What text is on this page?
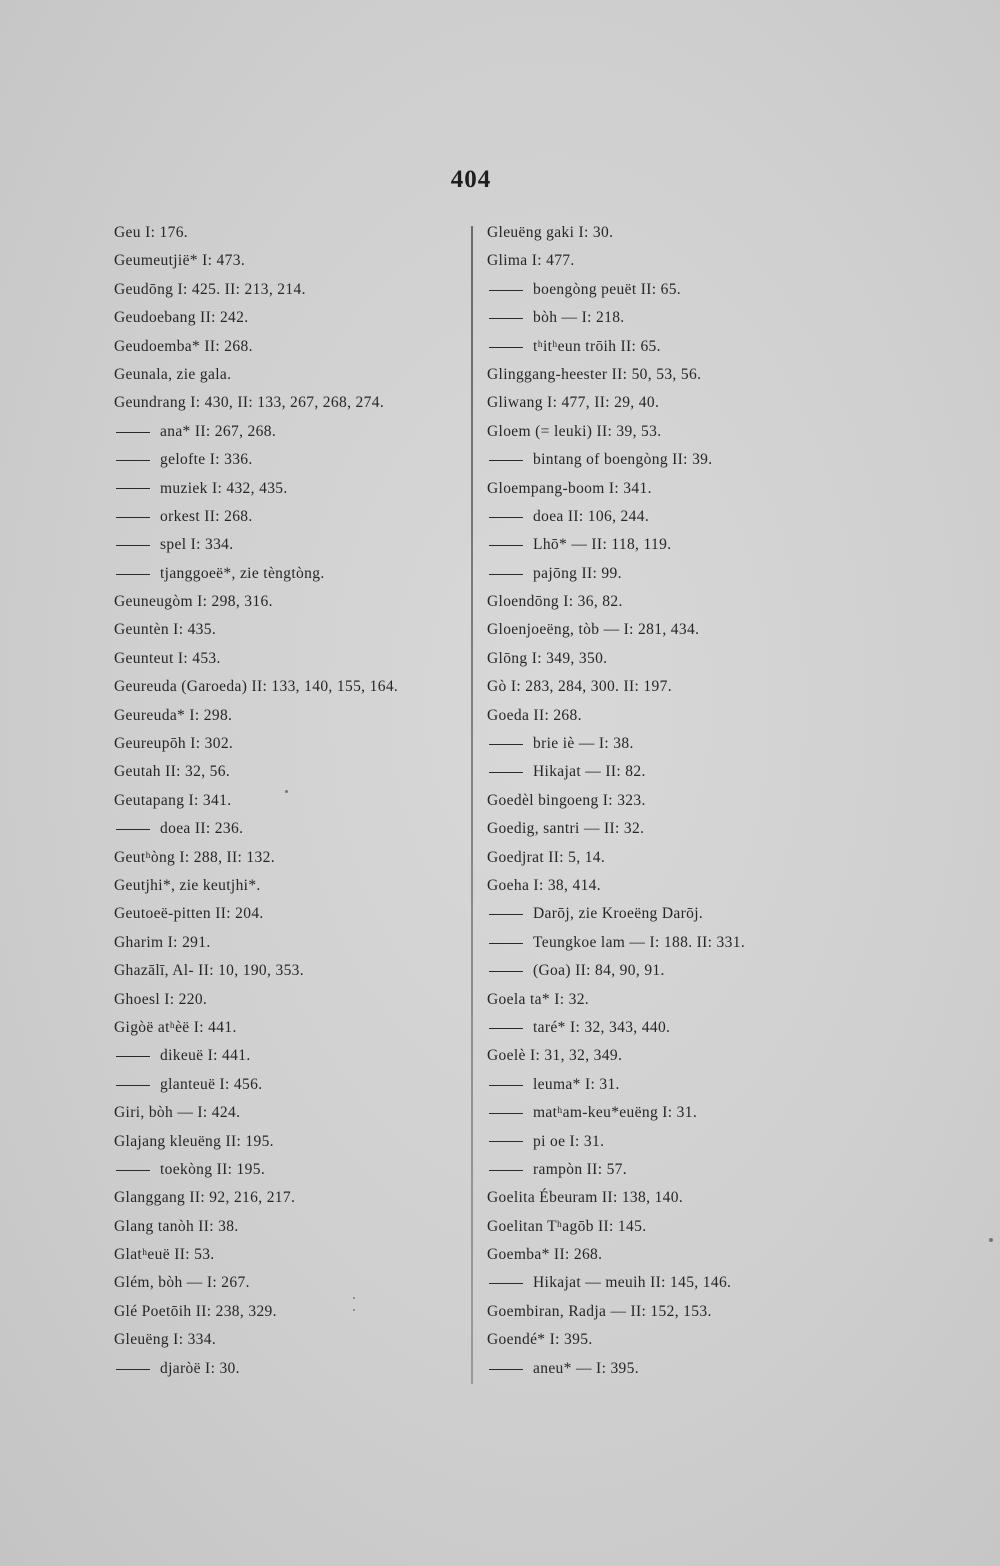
404
Geu I: 176.
Geumeutjië* I: 473.
Geudōng I: 425. II: 213, 214.
Geudoebang II: 242.
Geudoemba* II: 268.
Geunala, zie gala.
Geundrang I: 430, II: 133, 267, 268, 274.
ana* II: 267, 268.
gelofte I: 336.
muziek I: 432, 435.
orkest II: 268.
spel I: 334.
tjanggoeë*, zie tèngtòng.
Geuneugòm I: 298, 316.
Geuntèn I: 435.
Geunteut I: 453.
Geureuda (Garoeda) II: 133, 140, 155, 164.
Geureuda* I: 298.
Geureupōh I: 302.
Geutah II: 32, 56.
Geutapang I: 341.
doea II: 236.
Geutʰòng I: 288, II: 132.
Geutjhi*, zie keutjhi*.
Geutoeë-pitten II: 204.
Gharim I: 291.
Ghazālī, Al- II: 10, 190, 353.
Ghoesl I: 220.
Gigòë atʰèë I: 441.
dikeuë I: 441.
glanteuë I: 456.
Giri, bòh — I: 424.
Glajang kleuëng II: 195.
toekòng II: 195.
Glanggang II: 92, 216, 217.
Glang tanòh II: 38.
Glatʰeuë II: 53.
Glém, bòh — I: 267.
Glé Poetōih II: 238, 329.
Gleuëng I: 334.
djaròë I: 30.
Gleuëng gaki I: 30.
Glima I: 477.
boengòng peuët II: 65.
bòh — I: 218.
tʰitʰeun trōih II: 65.
Glinggang-heester II: 50, 53, 56.
Gliwang I: 477, II: 29, 40.
Gloem (= leuki) II: 39, 53.
bintang of boengòng II: 39.
Gloempang-boom I: 341.
doea II: 106, 244.
Lhō* — II: 118, 119.
pajōng II: 99.
Gloendōng I: 36, 82.
Gloenjoeëng, tòb — I: 281, 434.
Glōng I: 349, 350.
Gò I: 283, 284, 300. II: 197.
Goeda II: 268.
brie iè — I: 38.
Hikajat — II: 82.
Goedèl bingoeng I: 323.
Goedig, santri — II: 32.
Goedjrat II: 5, 14.
Goeha I: 38, 414.
Darōj, zie Kroeëng Darōj.
Teungkoe lam — I: 188. II: 331.
(Goa) II: 84, 90, 91.
Goela ta* I: 32.
taré* I: 32, 343, 440.
Goelè I: 31, 32, 349.
leuma* I: 31.
matʰam-keu*euëng I: 31.
pi oe I: 31.
rampòn II: 57.
Goelita Ébeuram II: 138, 140.
Goelitan Tʰagōb II: 145.
Goemba* II: 268.
Hikajat — meuih II: 145, 146.
Goembiran, Radja — II: 152, 153.
Goendé* I: 395.
aneu* — I: 395.
